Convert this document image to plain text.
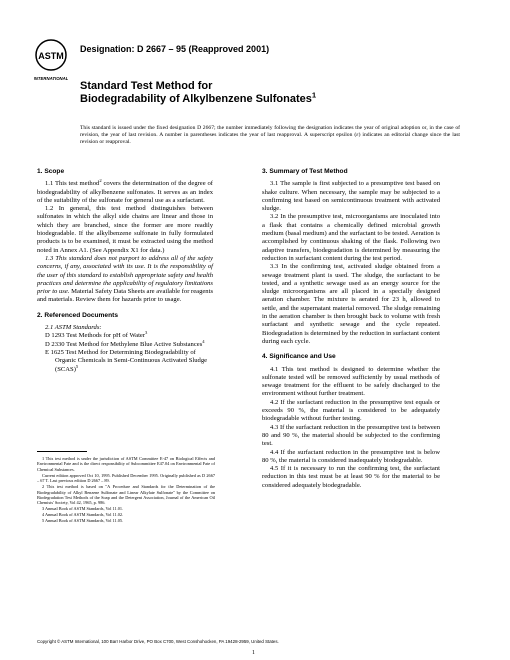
ASTM
INTERNATIONAL
Designation: D 2667 – 95 (Reapproved 2001)
Standard Test Method for
Biodegradability of Alkylbenzene Sulfonates$^1$
This standard is issued under the fixed designation D 2667; the number immediately following the designation indicates the year of original adoption or, in the case of revision, the year of last revision. A number in parentheses indicates the year of last reapproval. A superscript epsilon (ε) indicates an editorial change since the last revision or reapproval.
1. Scope

1.1 This test method$^2$ covers the determination of the degree of biodegradability of alkylbenzene sulfonates. It serves as an index of the suitability of the sulfonate for general use as a surfactant.

1.2 In general, this test method distinguishes between sulfonates in which the alkyl side chains are linear and those in which they are branched, since the former are more readily biodegradable. If the alkylbenzene sulfonate in fully formulated products is to be examined, it must be extracted using the method noted in Annex A1. (See Appendix X1 for data.)

1.3 This standard does not purport to address all of the safety concerns, if any, associated with its use. It is the responsibility of the user of this standard to establish appropriate safety and health practices and determine the applicability of regulatory limitations prior to use. Material Safety Data Sheets are available for reagents and materials. Review them for hazards prior to usage.

2. Referenced Documents

2.1 ASTM Standards:

D 1293 Test Methods for pH of Water$^3$

D 2330 Test Method for Methylene Blue Active Substances$^4$

E 1625 Test Method for Determining Biodegradability of Organic Chemicals in Semi-Continuous Activated Sludge (SCAS)$^5$

3. Summary of Test Method

3.1 The sample is first subjected to a presumptive test based on shake culture. When necessary, the sample may be subjected to a confirming test based on semicontinuous treatment with activated sludge.

3.2 In the presumptive test, microorganisms are inoculated into a flask that contains a chemically defined microbial growth medium (basal medium) and the surfactant to be tested. Aeration is accomplished by continuous shaking of the flask. Following two adaptive transfers, biodegradation is determined by measuring the reduction in surfactant content during the test period.

3.3 In the confirming test, activated sludge obtained from a sewage treatment plant is used. The sludge, the surfactant to be tested, and a synthetic sewage used as an energy source for the sludge microorganisms are all placed in a specially designed aeration chamber. The mixture is aerated for 23 h, allowed to settle, and the supernatant material removed. The sludge remaining in the aeration chamber is then brought back to volume with fresh surfactant and synthetic sewage and the cycle repeated. Biodegradation is determined by the reduction in surfactant content during each cycle.

4. Significance and Use

4.1 This test method is designed to determine whether the sulfonate tested will be removed sufficiently by usual methods of sewage treatment for the effluent to be safely discharged to the environment without further treatment.

4.2 If the surfactant reduction in the presumptive test equals or exceeds 90 %, the material is considered to be adequately biodegradable without further testing.

4.3 If the surfactant reduction in the presumptive test is between 80 and 90 %, the material should be subjected to the confirming test.

4.4 If the surfactant reduction in the presumptive test is below 80 %, the material is considered inadequately biodegradable.

4.5 If it is necessary to run the confirming test, the surfactant reduction in this test must be at least 90 % for the material to be considered adequately biodegradable.

1 This test method is under the jurisdiction of ASTM Committee E-47 on Biological Effects and Environmental Fate and is the direct responsibility of Subcommittee E47.04 on Environmental Fate of Chemical Substances.

Current edition approved Oct 10, 1995. Published December 1995. Originally published as D 2667 – 67 T. Last previous edition D 2667 – 89.

2 This test method is based on "A Procedure and Standards for the Determination of the Biodegradability of Alkyl Benzene Sulfonate and Linear Alkylate Sulfonate" by the Committee on Biodegradation Test Methods of the Soap and the Detergent Association, Journal of the American Oil Chemists' Society, Vol 42, 1965, p. 986.

3 Annual Book of ASTM Standards, Vol 11.01.

4 Annual Book of ASTM Standards, Vol 11.02.

5 Annual Book of ASTM Standards, Vol 11.05.

Copyright © ASTM International, 100 Barr Harbor Drive, PO Box C700, West Conshohocken, PA 19428-2959, United States.
1
